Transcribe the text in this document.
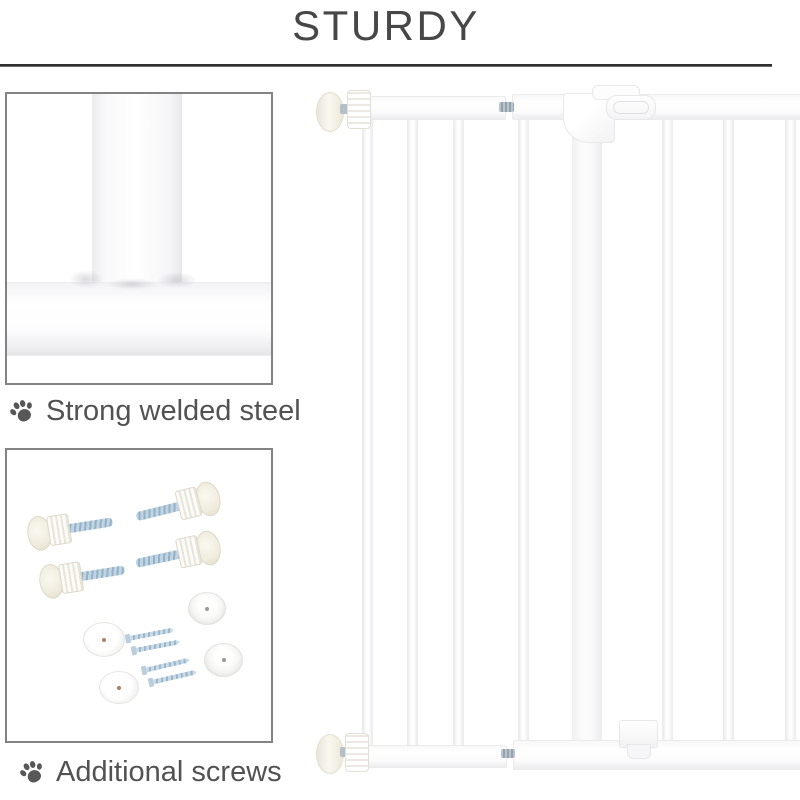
STURDY
Strong welded steel
Additional screws
